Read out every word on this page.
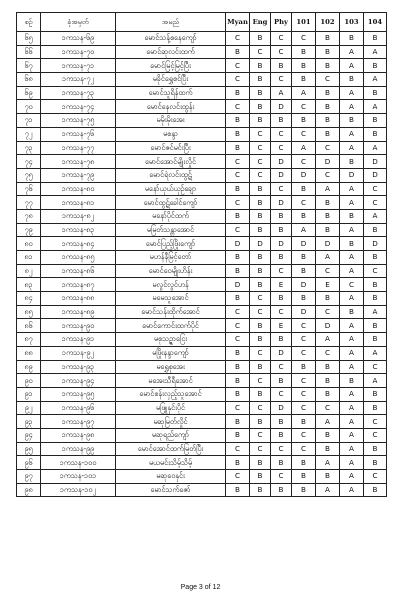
စဥ်	ခုံအမှတ်	အမည်	Myan	Eng	Phy	101	102	103	104
၆၅	၁ကသန-၆၉	မောင်သန့်စနေကျော်	C	B	C	C	B	B	B
၆၆	၁ကသန-၇၀	မောင်ဆုလင်းထက်	B	C	C	B	B	A	A
၆၇	၁ကသန-၇၁	မောင်မြင့်မြင့်ပြီး	C	B	B	B	B	A	B
၆၈	၁ကသန-၇၂	မခိုင်ရွှေစင်ပြီး	C	B	C	B	C	B	A
၆၉	၁ကသန-၇၃	မောင်သူရိန်ထက်	B	B	A	A	B	A	B
၇၀	၁ကသန-၇၄	မောင်နေလင်းထွန်း	C	B	D	C	B	A	A
၇၁	၁ကသန-၇၅	မမိုးမိုးအေး	B	B	B	B	B	B	B
၇၂	၁ကသန-၇၆	မစန္ဒာ	B	C	C	C	B	A	B
၇၃	၁ကသန-၇၇	မောင်ဇင်မင်းပြီး	B	C	C	A	C	A	A
၇၄	၁ကသန-၇၈	မောင်အောင်မျိုးလှိုင်	C	C	D	C	D	B	D
၇၅	၁ကသန-၇၉	မောင်ရဲလင်းထွဋ်	C	C	D	D	C	D	D
၇၆	၁ကသန-၈၀	မနော်ယုယ်ယုဉ်ချော	B	B	C	B	A	A	C
၇၇	၁ကသန-၈၁	မောင်ထွဋ်ခေါင်ကျော်	C	B	D	C	B	A	C
၇၈	၁ကသန-၈၂	မနော်ပိုင်ထက်	B	B	B	B	B	B	A
၇၉	၁ကသန-၈၃	မမြတ်သန္တာအောင်	C	B	B	A	B	A	B
၈၀	၁ကသန-၈၄	မောင်ပြည့်ဖြိုးကျော်	D	D	D	D	D	B	D
၈၁	၁ကသန-၈၅	မဟန်နီမြင့်တော်	B	B	B	B	A	A	B
၈၂	၁ကသန-၈၆	မောင်ဝေမျိုးဟိန်း	B	B	C	B	C	A	C
၈၃	၁ကသန-၈၇	မလွင်လွင်ဟန်	D	B	E	D	E	C	B
၈၄	၁ကသန-၈၈	မမေသူအောင်	B	C	B	B	B	A	B
၈၅	၁ကသန-၈၉	မောင်သန်းထိုက်အောင်	C	C	C	D	C	B	A
၈၆	၁ကသန-၉၀	မောင်ကောင်းထက်ပိုင်	C	B	E	C	D	A	B
၈၇	၁ကသန-၉၁	မစုသဉ္ဇာငြေး	C	B	B	C	A	A	B
၈၈	၁ကသန-၉၂	မဖြိုးနန္ဒာကျော်	B	C	D	C	C	A	A
၈၉	၁ကသန-၉၃	မရွှေစုအေး	B	B	C	B	B	A	C
၉၀	၁ကသန-၉၄	မအေးသီရီအောင်	B	C	B	C	B	B	A
၉၁	၁ကသန-၉၅	မောင်စန်းလှည့်သူအောင်	B	B	C	C	B	A	B
၉၂	၁ကသန-၉၆	မဖြူနှင်းပိုင်	C	C	D	C	C	A	B
၉၃	၁ကသန-၉၇	မဆုမြတ်လှိုင်	B	B	B	B	A	A	C
၉၄	၁ကသန-၉၈	မဆုရည်ကျော်	B	C	B	C	B	A	C
၉၅	၁ကသန-၉၉	မောင်အောင်ထက်မြတ်ပြီး	C	C	C	C	B	A	B
၉၆	၁ကသန-၁၀၀	မယမင်းသိမ့်သိမ့်	B	B	B	B	A	A	B
၉၇	၁ကသန-၁၀၁	မဆုဝေနှင်း	C	B	C	B	B	A	C
၉၈	၁ကသန-၁၀၂	မောင်သက်ဇော်	B	B	B	B	A	A	B
Page 3 of 12
